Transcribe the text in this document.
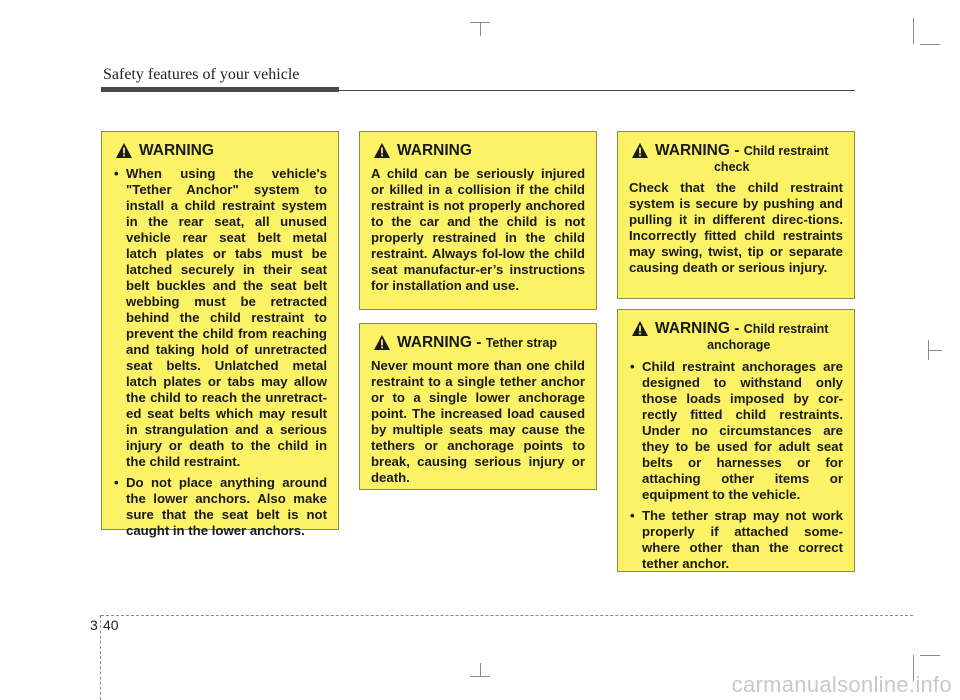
Safety features of your vehicle
WARNING
• When using the vehicle's "Tether Anchor" system to install a child restraint system in the rear seat, all unused vehicle rear seat belt metal latch plates or tabs must be latched securely in their seat belt buckles and the seat belt webbing must be retracted behind the child restraint to prevent the child from reaching and taking hold of unretracted seat belts. Unlatched metal latch plates or tabs may allow the child to reach the unretract-ed seat belts which may result in strangulation and a serious injury or death to the child in the child restraint.
• Do not place anything around the lower anchors. Also make sure that the seat belt is not caught in the lower anchors.
WARNING

A child can be seriously injured or killed in a collision if the child restraint is not properly anchored to the car and the child is not properly restrained in the child restraint. Always fol-low the child seat manufactur-er’s instructions for installation and use.

WARNING - Tether strap

Never mount more than one child restraint to a single tether anchor or to a single lower anchorage point. The increased load caused by multiple seats may cause the tethers or anchorage points to break, causing serious injury or death.

WARNING - Child restraint
check

Check that the child restraint system is secure by pushing and pulling it in different direc-tions. Incorrectly fitted child restraints may swing, twist, tip or separate causing death or serious injury.

WARNING - Child restraint
anchorage
• Child restraint anchorages are designed to withstand only those loads imposed by cor-rectly fitted child restraints. Under no circumstances are they to be used for adult seat belts or harnesses or for attaching other items or equipment to the vehicle.
• The tether strap may not work properly if attached some-where other than the correct tether anchor.
3 40
carmanualsonline.info
